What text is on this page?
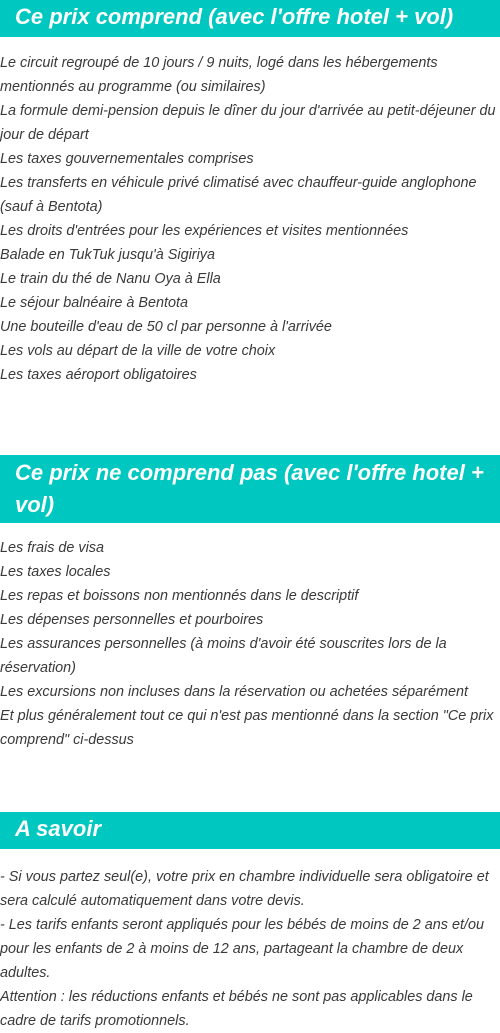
Ce prix comprend (avec l'offre hotel + vol)
Le circuit regroupé de 10 jours / 9 nuits, logé dans les hébergements mentionnés au programme (ou similaires)
La formule demi-pension depuis le dîner du jour d'arrivée au petit-déjeuner du jour de départ
Les taxes gouvernementales comprises
Les transferts en véhicule privé climatisé avec chauffeur-guide anglophone (sauf à Bentota)
Les droits d'entrées pour les expériences et visites mentionnées
Balade en TukTuk jusqu'à Sigiriya
Le train du thé de Nanu Oya à Ella
Le séjour balnéaire à Bentota
Une bouteille d'eau de 50 cl par personne à l'arrivée
Les vols au départ de la ville de votre choix
Les taxes aéroport obligatoires
Ce prix ne comprend pas (avec l'offre hotel + vol)
Les frais de visa
Les taxes locales
Les repas et boissons non mentionnés dans le descriptif
Les dépenses personnelles et pourboires
Les assurances personnelles (à moins d'avoir été souscrites lors de la réservation)
Les excursions non incluses dans la réservation ou achetées séparément
Et plus généralement tout ce qui n'est pas mentionné dans la section "Ce prix comprend" ci-dessus
A savoir
- Si vous partez seul(e), votre prix en chambre individuelle sera obligatoire et sera calculé automatiquement dans votre devis.
- Les tarifs enfants seront appliqués pour les bébés de moins de 2 ans et/ou pour les enfants de 2 à moins de 12 ans, partageant la chambre de deux adultes.
Attention : les réductions enfants et bébés ne sont pas applicables dans le cadre de tarifs promotionnels.
